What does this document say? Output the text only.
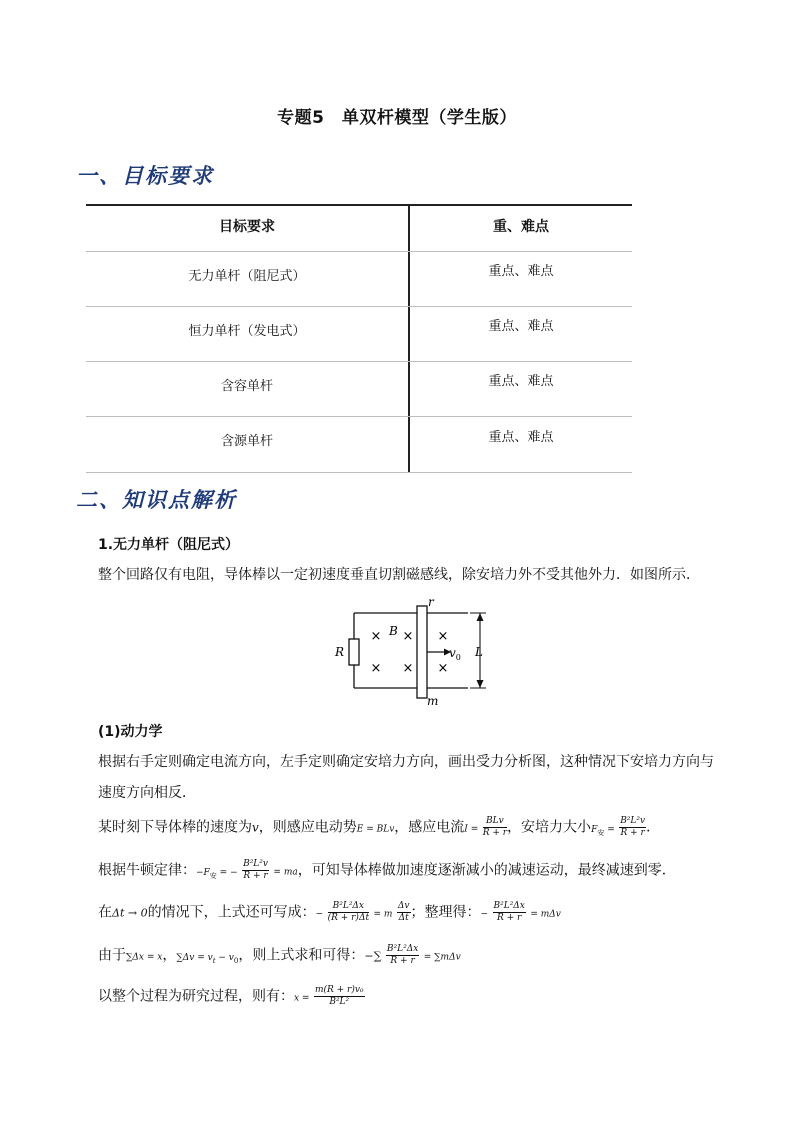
专题5　单双杆模型（学生版）
一、目标要求
目标要求	重、难点
无力单杆（阻尼式）	重点、难点
恒力单杆（发电式）	重点、难点
含容单杆	重点、难点
含源单杆	重点、难点
二、知识点解析
1.无力单杆（阻尼式）
整个回路仅有电阻，导体棒以一定初速度垂直切割磁感线，除安培力外不受其他外力．如图所示．
× × ×
× × ×
r
B
R	$v_0$ L
m
(1)动力学
根据右手定则确定电流方向，左手定则确定安培力方向，画出受力分析图，这种情况下安培力方向与
速度方向相反．
某时刻下导体棒的速度为v，则感应电动势E = BLv，感应电流$I = \frac{\text{BLv}}{R + r}$ ，安培力大小$F_安 = \frac{\text{B²L²v}}{R + r}$ ．
根据牛顿定律：$-F_安$ = − $\frac{\text{B²L²v}}{R + r}$ = ma，可知导体棒做加速度逐渐减小的减速运动，最终减速到零．
在Δt → 0的情况下，上式还可写成：− $\frac{\text{B²L²Δx}}{(R + r)\Delta t} = m \frac{\Delta v}{\Delta t}$ ；整理得：− $\frac{\text{B²L²Δx}}{R + r} = m\Delta v$
由于∑Δx = x，$\sum\Delta v = v_t - v_0$，则上式求和可得：−∑ $\frac{\text{B²L²Δx}}{R + r} = \sum m\Delta v$
以整个过程为研究过程，则有：$x = \frac{\text{m(R + r)v₀}}{\text{B²L²}}$
